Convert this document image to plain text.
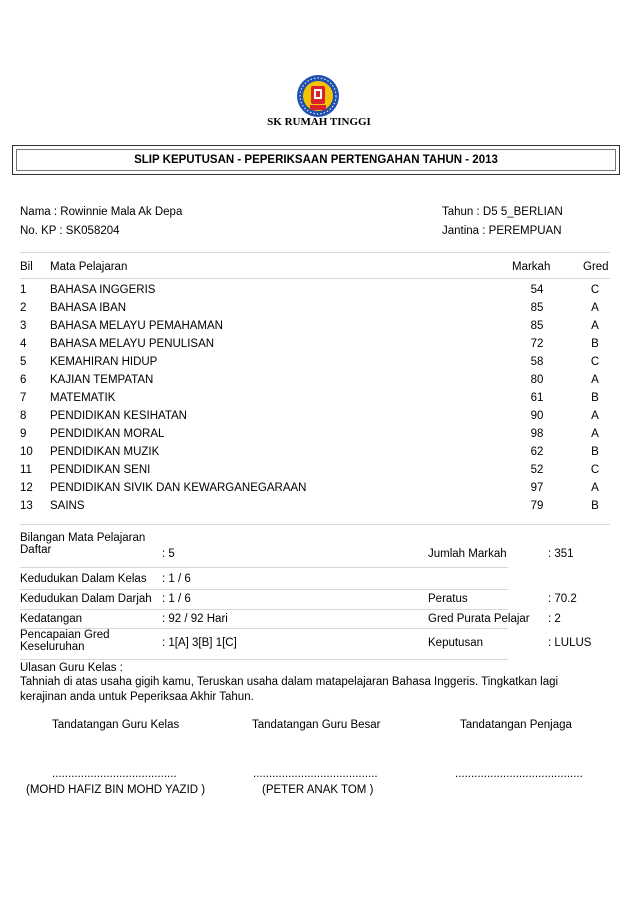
SK RUMAH TINGGI
SLIP KEPUTUSAN - PEPERIKSAAN PERTENGAHAN TAHUN - 2013
Nama : Rowinnie Mala Ak Depa
No. KP : SK058204
Tahun : D5 5_BERLIAN
Jantina : PEREMPUAN
Bil Mata Pelajaran	Markah	Gred
1 BAHASA INGGERIS	54	C
2 BAHASA IBAN	85	A
3 BAHASA MELAYU PEMAHAMAN	85	A
4 BAHASA MELAYU PENULISAN	72	B
5 KEMAHIRAN HIDUP	58	C
6 KAJIAN TEMPATAN	80	A
7 MATEMATIK	61	B
8 PENDIDIKAN KESIHATAN	90	A
9 PENDIDIKAN MORAL	98	A
10 PENDIDIKAN MUZIK	62	B
11 PENDIDIKAN SENI	52	C
12 PENDIDIKAN SIVIK DAN KEWARGANEGARAAN	97	A
13 SAINS	79	B
Bilangan Mata Pelajaran
Daftar	: 5	Jumlah Markah	: 351
Kedudukan Dalam Kelas : 1 / 6
Kedudukan Dalam Darjah : 1 / 6	Peratus	: 70.2
Kedatangan	: 92 / 92 Hari	Gred Purata Pelajar : 2
Pencapaian Gred
Keseluruhan	: 1[A] 3[B] 1[C]	Keputusan	: LULUS
Ulasan Guru Kelas :
Tahniah di atas usaha gigih kamu, Teruskan usaha dalam matapelajaran Bahasa Inggeris. Tingkatkan lagi
kerajinan anda untuk Peperiksaa Akhir Tahun.
Tandatangan Guru Kelas	Tandatangan Guru Besar	Tandatangan Penjaga
.......................................	.......................................	........................................
(MOHD HAFIZ BIN MOHD YAZID )	(PETER ANAK TOM )
